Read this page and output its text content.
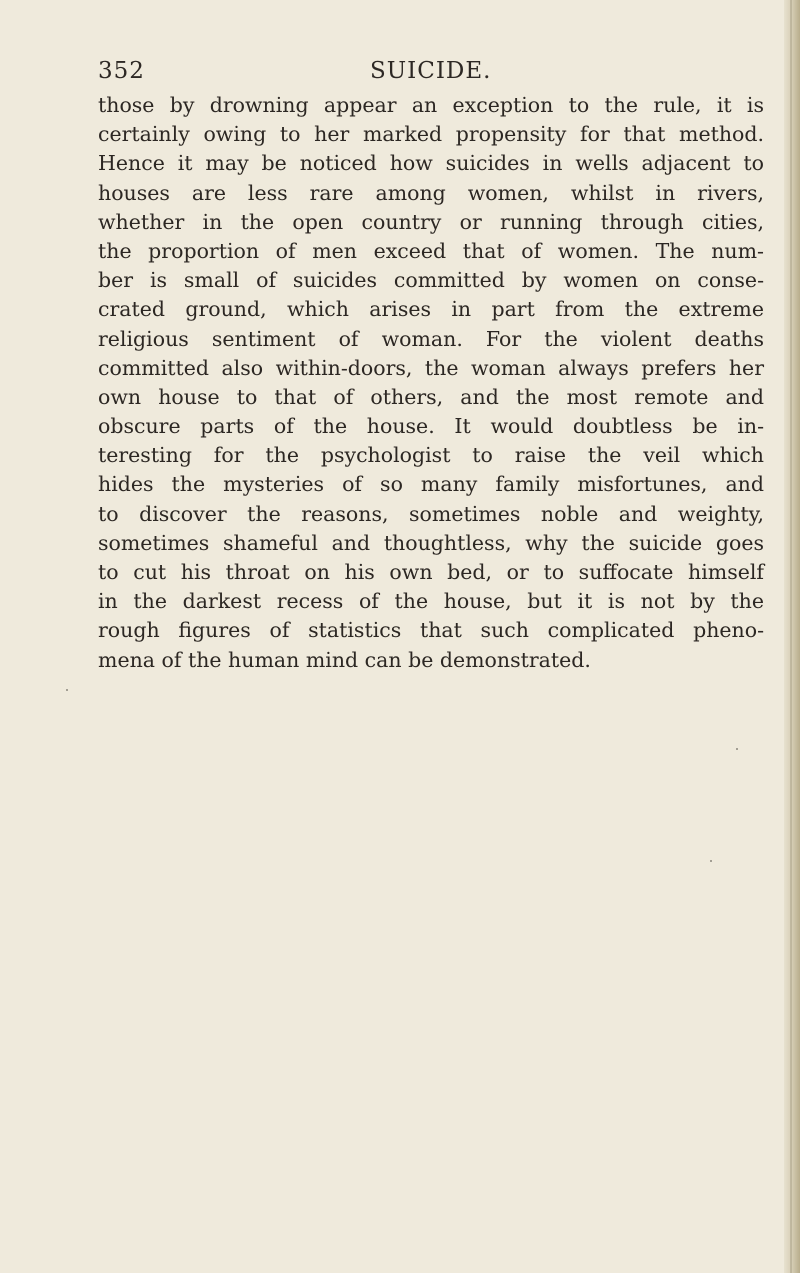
352	SUICIDE.
those by drowning appear an exception to the rule, it is
certainly owing to her marked propensity for that method.
Hence it may be noticed how suicides in wells adjacent to
houses are less rare among women, whilst in rivers,
whether in the open country or running through cities,
the proportion of men exceed that of women. The num-
ber is small of suicides committed by women on conse-
crated ground, which arises in part from the extreme
religious sentiment of woman. For the violent deaths
committed also within-doors, the woman always prefers her
own house to that of others, and the most remote and
obscure parts of the house. It would doubtless be in-
teresting for the psychologist to raise the veil which
hides the mysteries of so many family misfortunes, and
to discover the reasons, sometimes noble and weighty,
sometimes shameful and thoughtless, why the suicide goes
to cut his throat on his own bed, or to suffocate himself
in the darkest recess of the house, but it is not by the
rough figures of statistics that such complicated pheno-
mena of the human mind can be demonstrated.
